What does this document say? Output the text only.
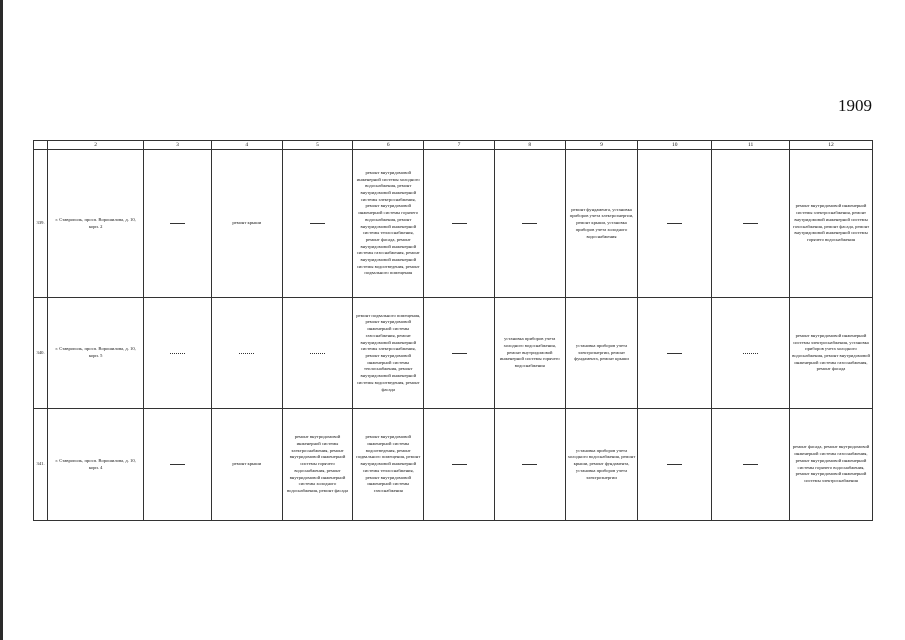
1909
	2	3	4	5	6	7	8	9	10	11	12
339.	г. Ставрополь, просп. Ворошилова, д. 10, корп. 2		ремонт крыши		ремонт внутридомовой инженерной системы холодного водоснабжения, ремонт внутридомовой инженерной системы электроснабжения, ремонт внутридомовой инженерной системы горячего водоснабжения, ремонт внутридомовой инженерной системы теплоснабжения, ремонт фасада, ремонт внутридомовой инженерной системы газоснабжения, ремонт внутридомовой инженерной системы водоотведения, ремонт подвального помещения			ремонт фундамента, установка приборов учета электроэнергии, ремонт крыши, установка приборов учета холодного водоснабжения			ремонт внутридомовой инженерной системы электроснабжения, ремонт внутридомовой инженерной системы газоснабжения, ремонт фасада, ремонт внутридомовой инженерной системы горячего водоснабжения
340.	г. Ставрополь, просп. Ворошилова, д. 10, корп. 5				ремонт подвального помещения, ремонт внутридомовой инженерной системы газоснабжения, ремонт внутридомовой инженерной системы электроснабжения, ремонт внутридомовой инженерной системы теплоснабжения, ремонт внутридомовой инженерной системы водоотведения, ремонт фасада		установка приборов учета холодного водоснабжения, ремонт внутридомовой инженерной системы горячего водоснабжения	установка приборов учета электроэнергии, ремонт фундамента, ремонт крыши			ремонт внутридомовой инженерной системы электроснабжения, установка приборов учета холодного водоснабжения, ремонт внутридомовой инженерной системы газоснабжения, ремонт фасада
341.	г. Ставрополь, просп. Ворошилова, д. 10, корп. 4		ремонт крыши	ремонт внутридомовой инженерной системы электроснабжения, ремонт внутридомовой инженерной системы горячего водоснабжения, ремонт внутридомовой инженерной системы холодного водоснабжения, ремонт фасада	ремонт внутридомовой инженерной системы водоотведения, ремонт подвального помещения, ремонт внутридомовой инженерной системы теплоснабжения, ремонт внутридомовой инженерной системы газоснабжения			установка приборов учета холодного водоснабжения, ремонт крыши, ремонт фундамента, установка приборов учета электроэнергии			ремонт фасада, ремонт внутридомовой инженерной системы газоснабжения, ремонт внутридомовой инженерной системы горячего водоснабжения, ремонт внутридомовой инженерной системы электроснабжения
